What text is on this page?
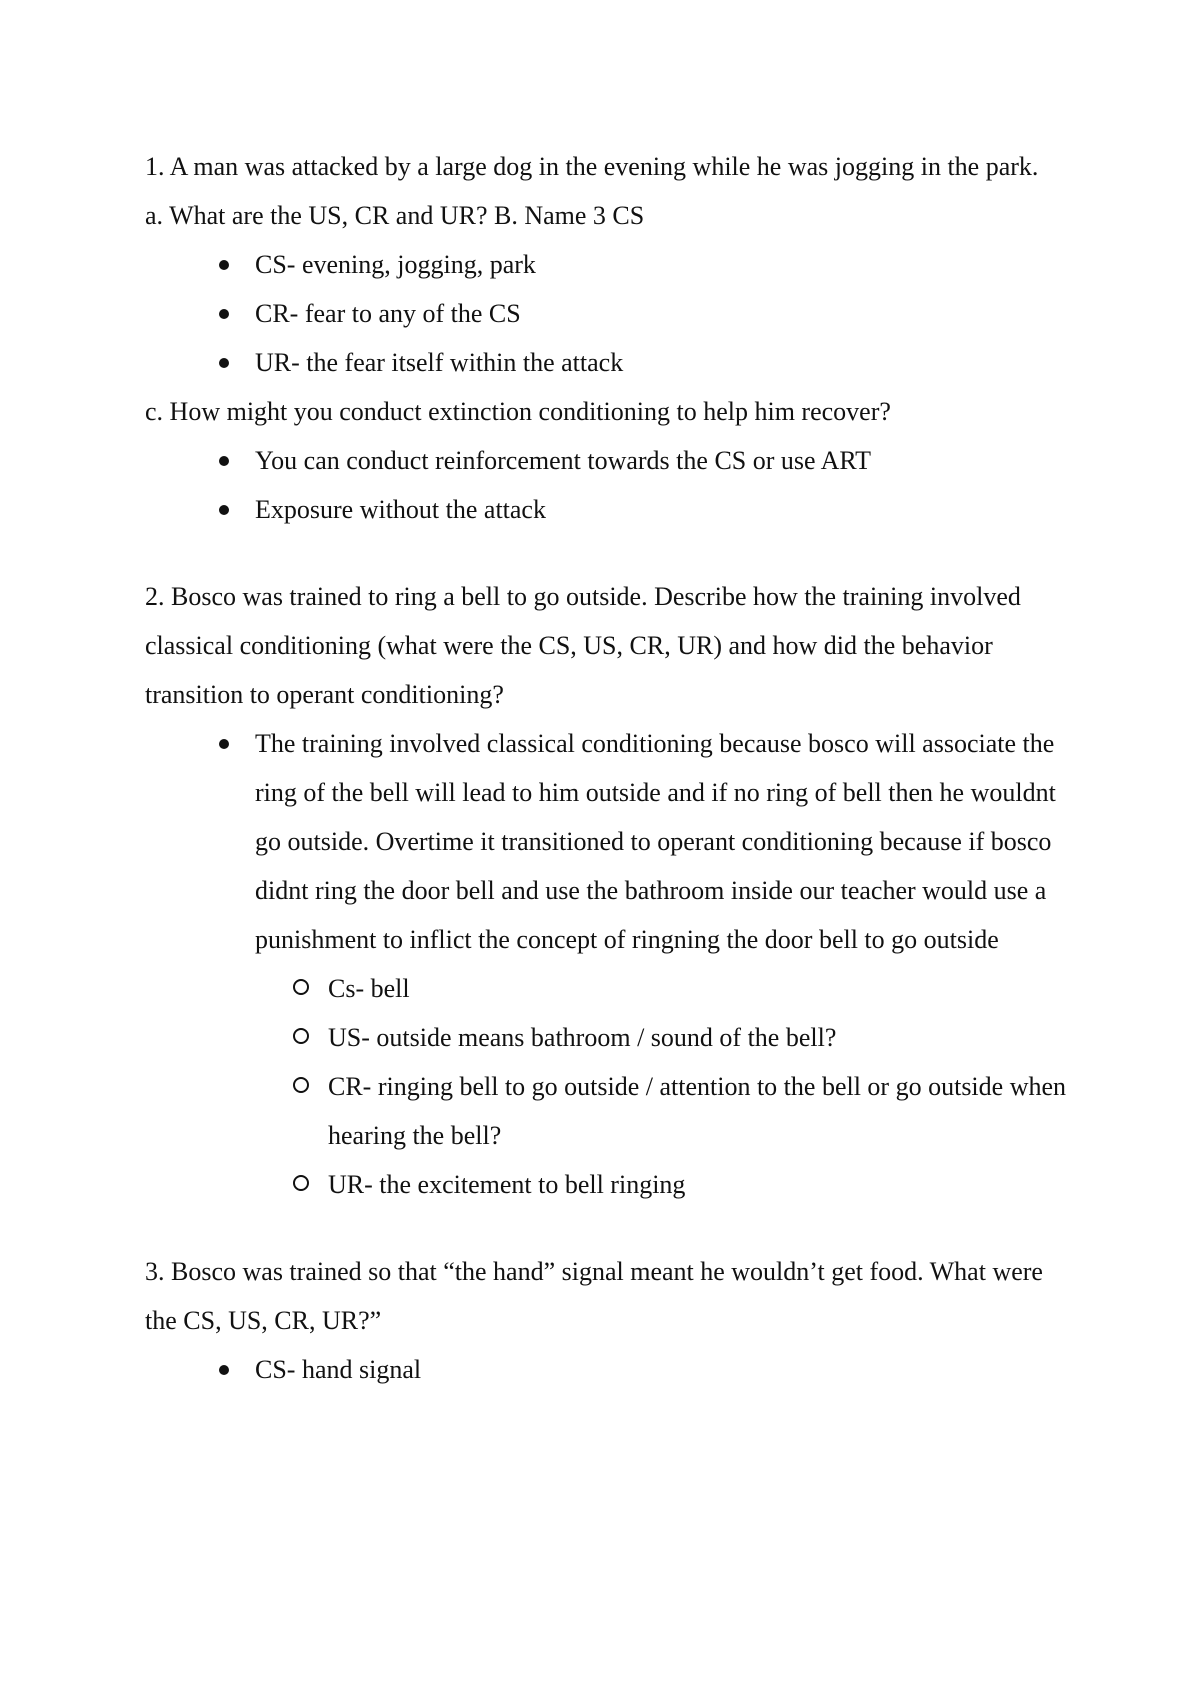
1. A man was attacked by a large dog in the evening while he was jogging in the park.

a. What are the US, CR and UR? B. Name 3 CS

CS- evening, jogging, park
CR- fear to any of the CS
UR- the fear itself within the attack

c. How might you conduct extinction conditioning to help him recover?

You can conduct reinforcement towards the CS or use ART
Exposure without the attack

2. Bosco was trained to ring a bell to go outside. Describe how the training involved classical conditioning (what were the CS, US, CR, UR) and how did the behavior transition to operant conditioning?

The training involved classical conditioning because bosco will associate the ring of the bell will lead to him outside and if no ring of bell then he wouldnt go outside. Overtime it transitioned to operant conditioning because if bosco didnt ring the door bell and use the bathroom inside our teacher would use a punishment to inflict the concept of ringning the door bell to go outside
Cs- bell
US- outside means bathroom / sound of the bell?
CR- ringing bell to go outside / attention to the bell or go outside when hearing the bell?
UR- the excitement to bell ringing

3. Bosco was trained so that “the hand” signal meant he wouldn’t get food. What were the CS, US, CR, UR?”

CS- hand signal
